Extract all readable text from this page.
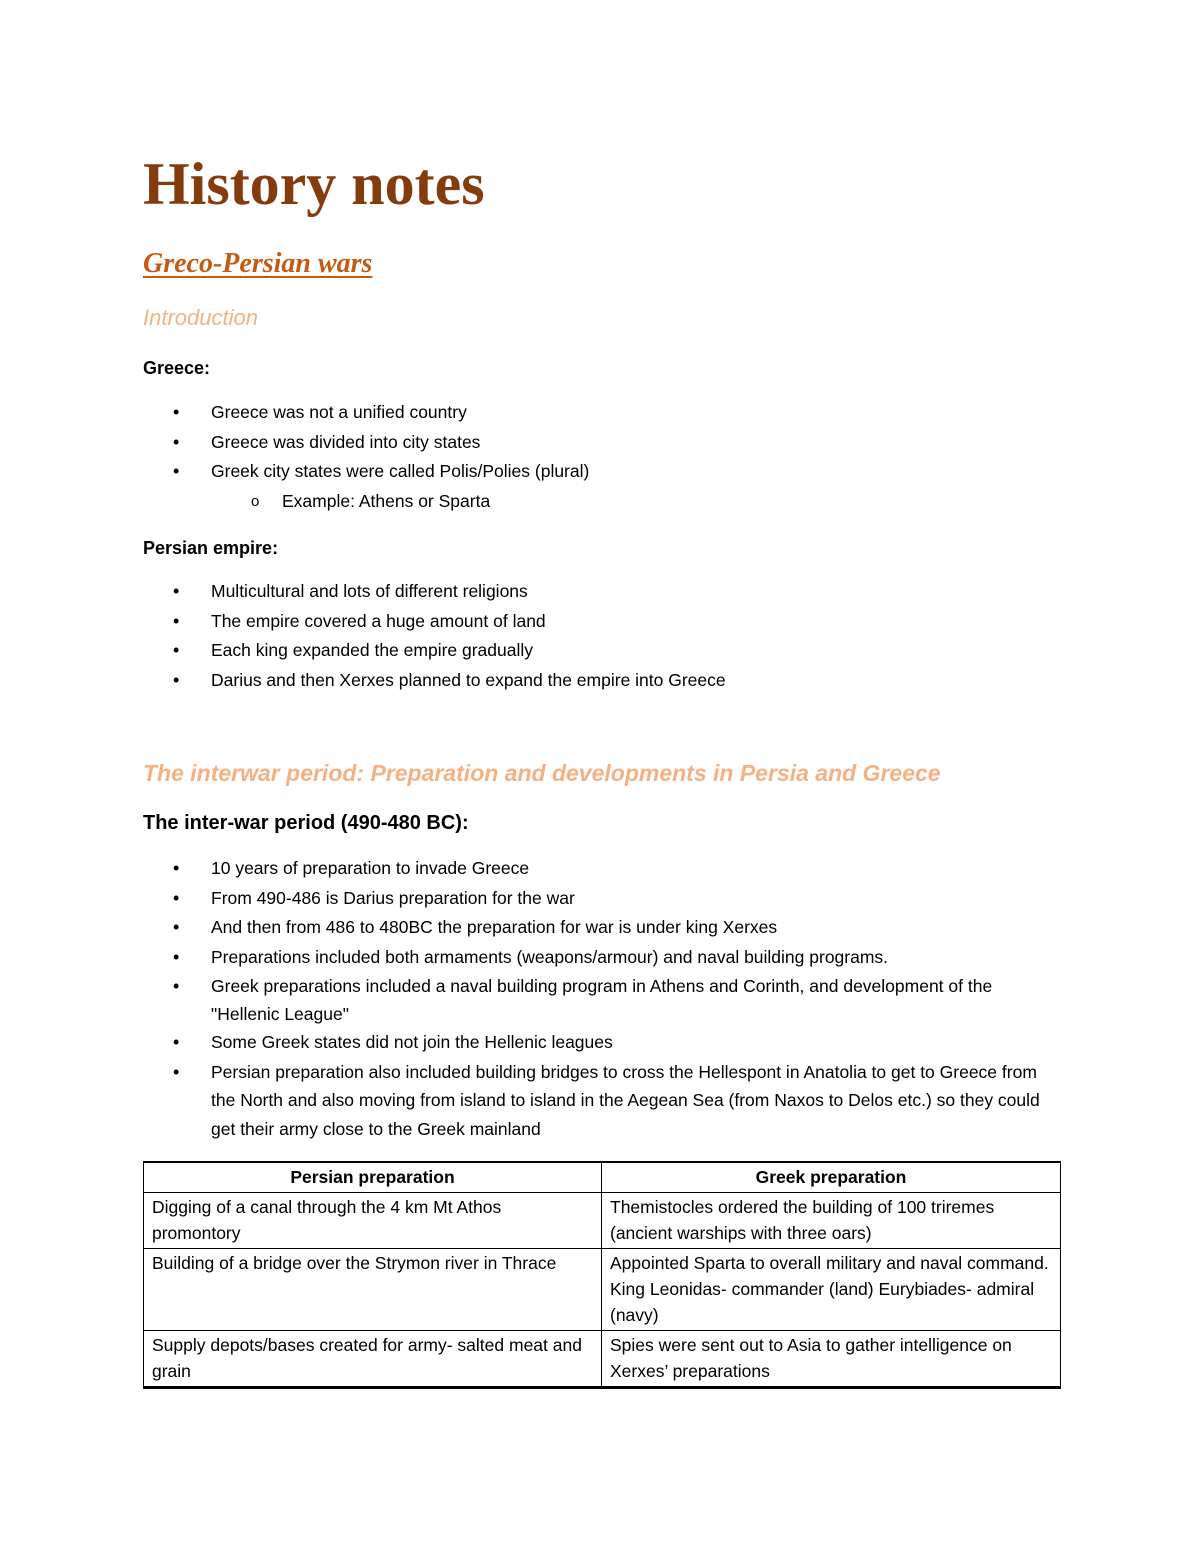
History notes
Greco-Persian wars
Introduction

Greece:

• Greece was not a unified country
• Greece was divided into city states
• Greek city states were called Polis/Polies (plural)
o Example: Athens or Sparta

Persian empire:

• Multicultural and lots of different religions
• The empire covered a huge amount of land
• Each king expanded the empire gradually
• Darius and then Xerxes planned to expand the empire into Greece
The interwar period: Preparation and developments in Persia and Greece

The inter-war period (490-480 BC):

• 10 years of preparation to invade Greece
• From 490-486 is Darius preparation for the war
• And then from 486 to 480BC the preparation for war is under king Xerxes
• Preparations included both armaments (weapons/armour) and naval building programs.
• Greek preparations included a naval building program in Athens and Corinth, and development of the "Hellenic League"
• Some Greek states did not join the Hellenic leagues
• Persian preparation also included building bridges to cross the Hellespont in Anatolia to get to Greece from the North and also moving from island to island in the Aegean Sea (from Naxos to Delos etc.) so they could get their army close to the Greek mainland
Persian preparation	Greek preparation
Digging of a canal through the 4 km Mt Athos promontory	Themistocles ordered the building of 100 triremes (ancient warships with three oars)
Building of a bridge over the Strymon river in Thrace	Appointed Sparta to overall military and naval command. King Leonidas- commander (land) Eurybiades- admiral (navy)
Supply depots/bases created for army- salted meat and grain	Spies were sent out to Asia to gather intelligence on Xerxes’ preparations
